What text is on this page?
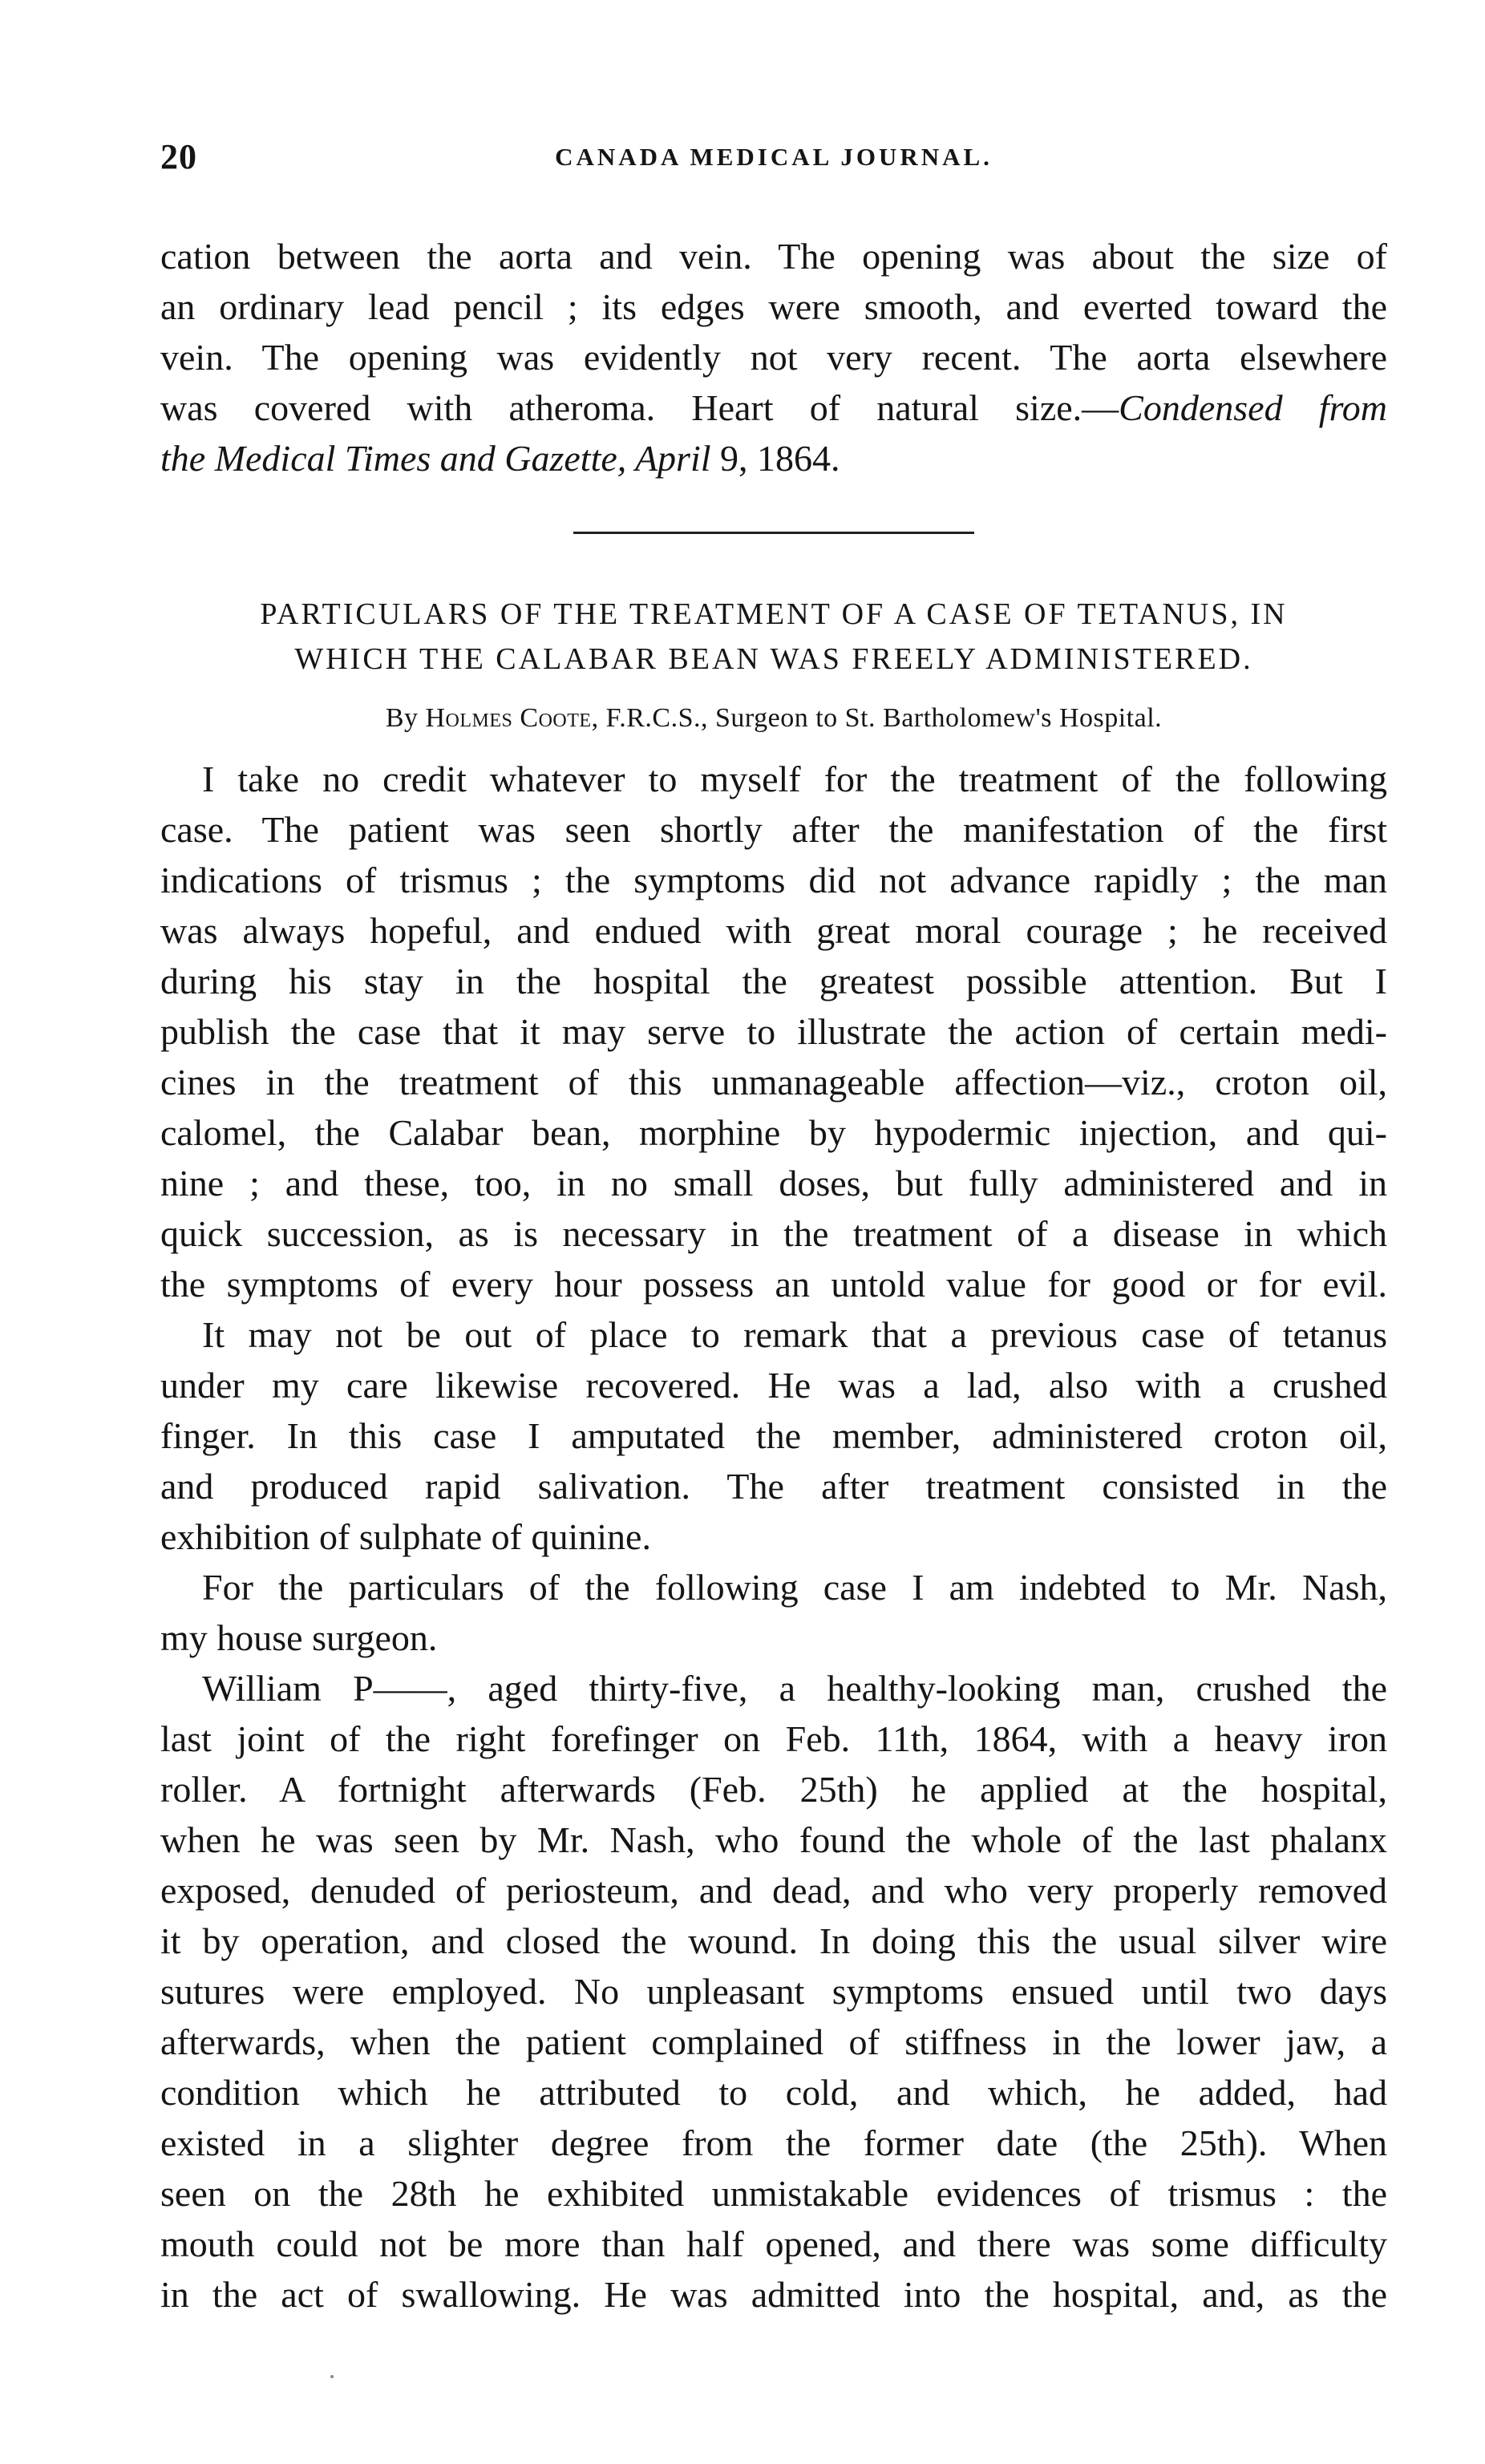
20	CANADA MEDICAL JOURNAL.
cation between the aorta and vein. The opening was about the size of
an ordinary lead pencil ; its edges were smooth, and everted toward the
vein. The opening was evidently not very recent. The aorta elsewhere
was covered with atheroma. Heart of natural size.—Condensed from
the Medical Times and Gazette, April 9, 1864.
PARTICULARS OF THE TREATMENT OF A CASE OF TETANUS, IN
WHICH THE CALABAR BEAN WAS FREELY ADMINISTERED.
By Holmes Coote, F.R.C.S., Surgeon to St. Bartholomew's Hospital.
I take no credit whatever to myself for the treatment of the following
case. The patient was seen shortly after the manifestation of the first
indications of trismus ; the symptoms did not advance rapidly ; the man
was always hopeful, and endued with great moral courage ; he received
during his stay in the hospital the greatest possible attention. But I
publish the case that it may serve to illustrate the action of certain medi-
cines in the treatment of this unmanageable affection—viz., croton oil,
calomel, the Calabar bean, morphine by hypodermic injection, and qui-
nine ; and these, too, in no small doses, but fully administered and in
quick succession, as is necessary in the treatment of a disease in which
the symptoms of every hour possess an untold value for good or for evil.
It may not be out of place to remark that a previous case of tetanus
under my care likewise recovered. He was a lad, also with a crushed
finger. In this case I amputated the member, administered croton oil,
and produced rapid salivation. The after treatment consisted in the
exhibition of sulphate of quinine.
For the particulars of the following case I am indebted to Mr. Nash,
my house surgeon.
William P——, aged thirty-five, a healthy-looking man, crushed the
last joint of the right forefinger on Feb. 11th, 1864, with a heavy iron
roller. A fortnight afterwards (Feb. 25th) he applied at the hospital,
when he was seen by Mr. Nash, who found the whole of the last phalanx
exposed, denuded of periosteum, and dead, and who very properly removed
it by operation, and closed the wound. In doing this the usual silver wire
sutures were employed. No unpleasant symptoms ensued until two days
afterwards, when the patient complained of stiffness in the lower jaw, a
condition which he attributed to cold, and which, he added, had
existed in a slighter degree from the former date (the 25th). When
seen on the 28th he exhibited unmistakable evidences of trismus : the
mouth could not be more than half opened, and there was some difficulty
in the act of swallowing. He was admitted into the hospital, and, as the
